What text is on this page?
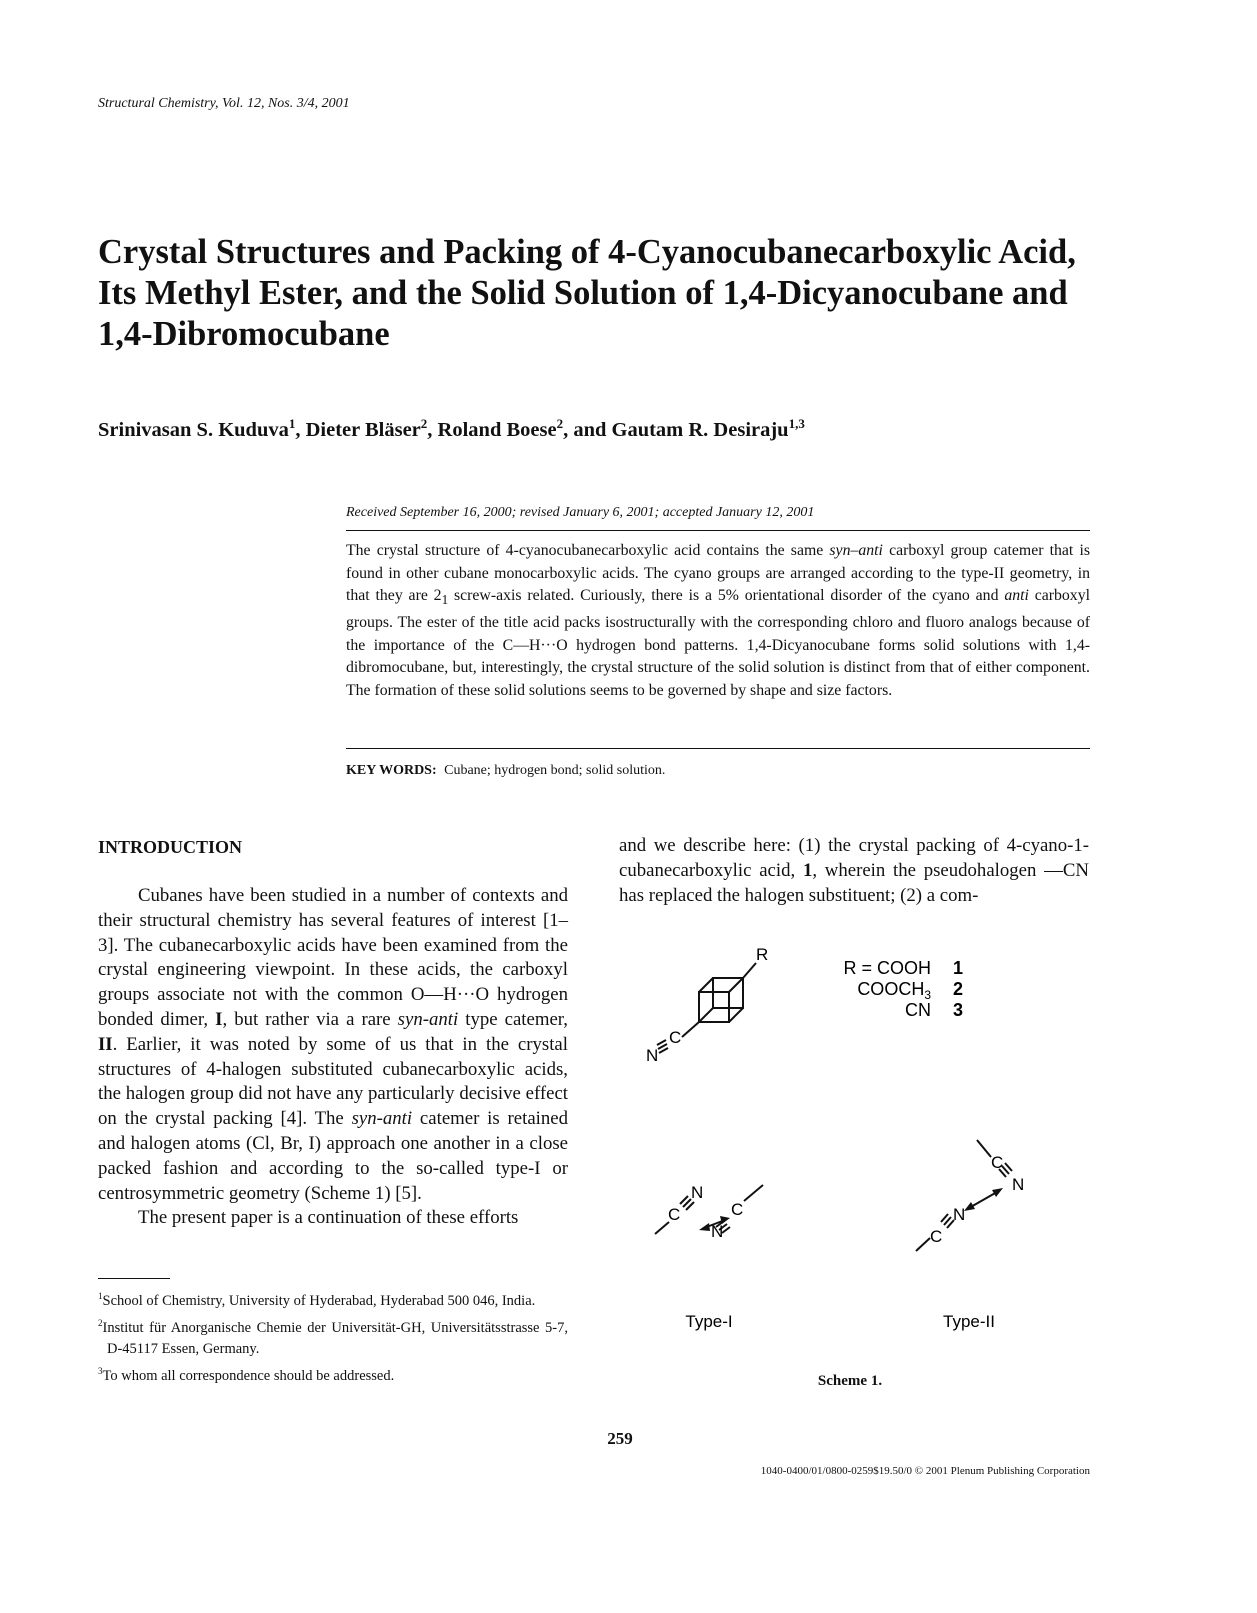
Structural Chemistry, Vol. 12, Nos. 3/4, 2001
Crystal Structures and Packing of 4-Cyanocubanecarboxylic Acid, Its Methyl Ester, and the Solid Solution of 1,4-Dicyanocubane and 1,4-Dibromocubane
Srinivasan S. Kuduva$^1$, Dieter Bläser$^2$, Roland Boese$^2$, and Gautam R. Desiraju$^{1,3}$
Received September 16, 2000; revised January 6, 2001; accepted January 12, 2001
The crystal structure of 4-cyanocubanecarboxylic acid contains the same syn–anti carboxyl group catemer that is found in other cubane monocarboxylic acids. The cyano groups are arranged according to the type-II geometry, in that they are $2_1$ screw-axis related. Curiously, there is a 5% orientational disorder of the cyano and anti carboxyl groups. The ester of the title acid packs isostructurally with the corresponding chloro and fluoro analogs because of the importance of the C—H···O hydrogen bond patterns. 1,4-Dicyanocubane forms solid solutions with 1,4-dibromocubane, but, interestingly, the crystal structure of the solid solution is distinct from that of either component. The formation of these solid solutions seems to be governed by shape and size factors.
KEY WORDS: Cubane; hydrogen bond; solid solution.
INTRODUCTION

Cubanes have been studied in a number of contexts and their structural chemistry has several features of interest [1–3]. The cubanecarboxylic acids have been examined from the crystal engineering viewpoint. In these acids, the carboxyl groups associate not with the common O—H···O hydrogen bonded dimer, I, but rather via a rare syn-anti type catemer, II. Earlier, it was noted by some of us that in the crystal structures of 4-halogen substituted cubanecarboxylic acids, the halogen group did not have any particularly decisive effect on the crystal packing [4]. The syn-anti catemer is retained and halogen atoms (Cl, Br, I) approach one another in a close packed fashion and according to the so-called type-I or centrosymmetric geometry (Scheme 1) [5].

The present paper is a continuation of these efforts

and we describe here: (1) the crystal packing of 4-cyano-1-cubanecarboxylic acid, 1, wherein the pseudohalogen —CN has replaced the halogen substituent; (2) a com-

$^1$School of Chemistry, University of Hyderabad, Hyderabad 500 046, India.

$^2$Institut für Anorganische Chemie der Universität-GH, Universitätsstrasse 5-7, D-45117 Essen, Germany.

$^3$To whom all correspondence should be addressed.

R
C
N
R = COOH
$COOCH_3$
CN
1
2
3
C
N
N
C
C
N
N
C
Type-I	Type-II
Scheme 1.
259
1040-0400/01/0800-0259$19.50/0 © 2001 Plenum Publishing Corporation
